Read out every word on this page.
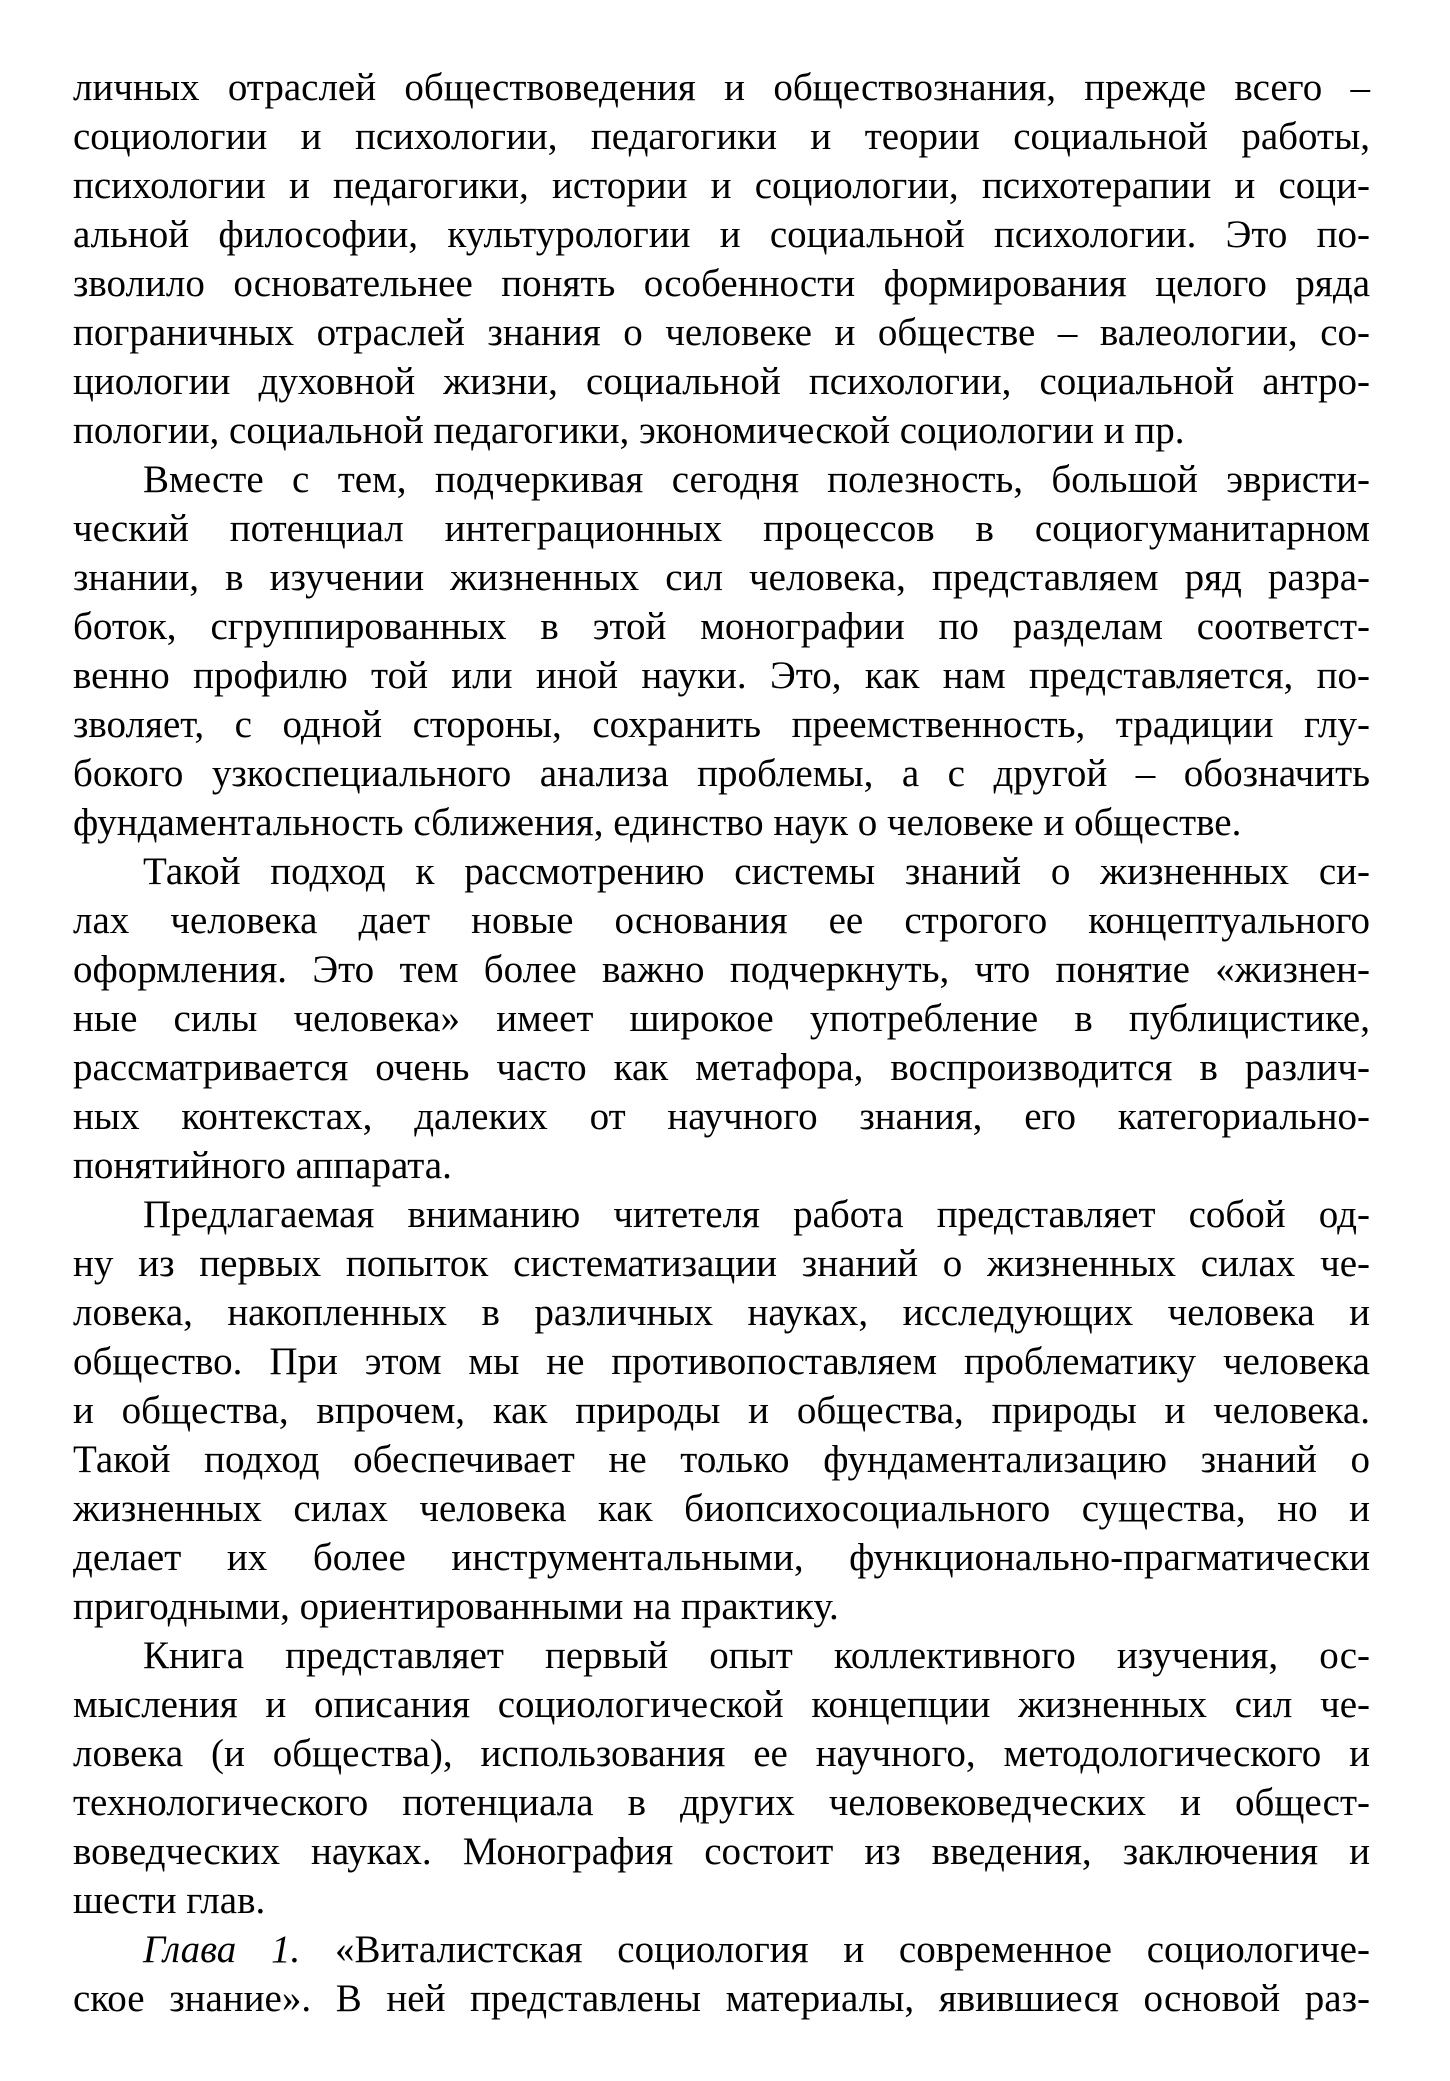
личных отраслей обществоведения и обществознания, прежде всего –
социологии и психологии, педагогики и теории социальной работы,
психологии и педагогики, истории и социологии, психотерапии и соци-
альной философии, культурологии и социальной психологии. Это по-
зволило основательнее понять особенности формирования целого ряда
пограничных отраслей знания о человеке и обществе – валеологии, со-
циологии духовной жизни, социальной психологии, социальной антро-
пологии, социальной педагогики, экономической социологии и пр.
Вместе с тем, подчеркивая сегодня полезность, большой эвристи-
ческий потенциал интеграционных процессов в социогуманитарном
знании, в изучении жизненных сил человека, представляем ряд разра-
боток, сгруппированных в этой монографии по разделам соответст-
венно профилю той или иной науки. Это, как нам представляется, по-
зволяет, с одной стороны, сохранить преемственность, традиции глу-
бокого узкоспециального анализа проблемы, а с другой – обозначить
фундаментальность сближения, единство наук о человеке и обществе.
Такой подход к рассмотрению системы знаний о жизненных си-
лах человека дает новые основания ее строгого концептуального
оформления. Это тем более важно подчеркнуть, что понятие «жизнен-
ные силы человека» имеет широкое употребление в публицистике,
рассматривается очень часто как метафора, воспроизводится в различ-
ных контекстах, далеких от научного знания, его категориально-
понятийного аппарата.
Предлагаемая вниманию читетеля работа представляет собой од-
ну из первых попыток систематизации знаний о жизненных силах че-
ловека, накопленных в различных науках, исследующих человека и
общество. При этом мы не противопоставляем проблематику человека
и общества, впрочем, как природы и общества, природы и человека.
Такой подход обеспечивает не только фундаментализацию знаний о
жизненных силах человека как биопсихосоциального существа, но и
делает их более инструментальными, функционально-прагматически
пригодными, ориентированными на практику.
Книга представляет первый опыт коллективного изучения, ос-
мысления и описания социологической концепции жизненных сил че-
ловека (и общества), использования ее научного, методологического и
технологического потенциала в других человековедческих и общест-
воведческих науках. Монография состоит из введения, заключения и
шести глав.
Глава 1. «Виталистская социология и современное социологиче-
ское знание». В ней представлены материалы, явившиеся основой раз-
